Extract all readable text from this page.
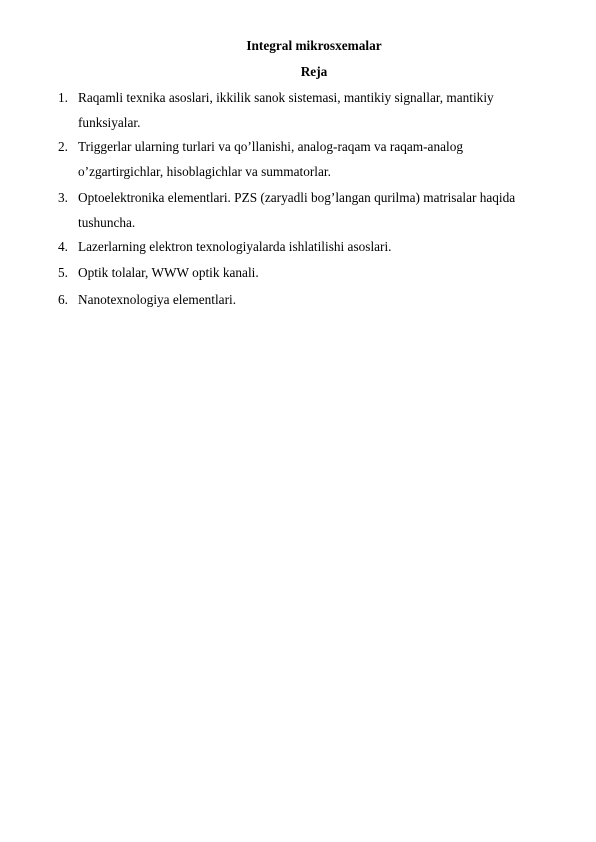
Integral mikrosxemalar
Reja
1. Raqamli texnika asoslari, ikkilik sanok sistemasi, mantikiy signallar, mantikiy funksiyalar.
2. Triggerlar ularning turlari va qo’llanishi, analog-raqam va raqam-analog o’zgartirgichlar, hisoblagichlar va summatorlar.
3. Optoelektronika elementlari. PZS (zaryadli bog’langan qurilma) matrisalar haqida tushuncha.
4. Lazerlarning elektron texnologiyalarda ishlatilishi asoslari.
5. Optik tolalar, WWW optik kanali.
6. Nanotexnologiya elementlari.
